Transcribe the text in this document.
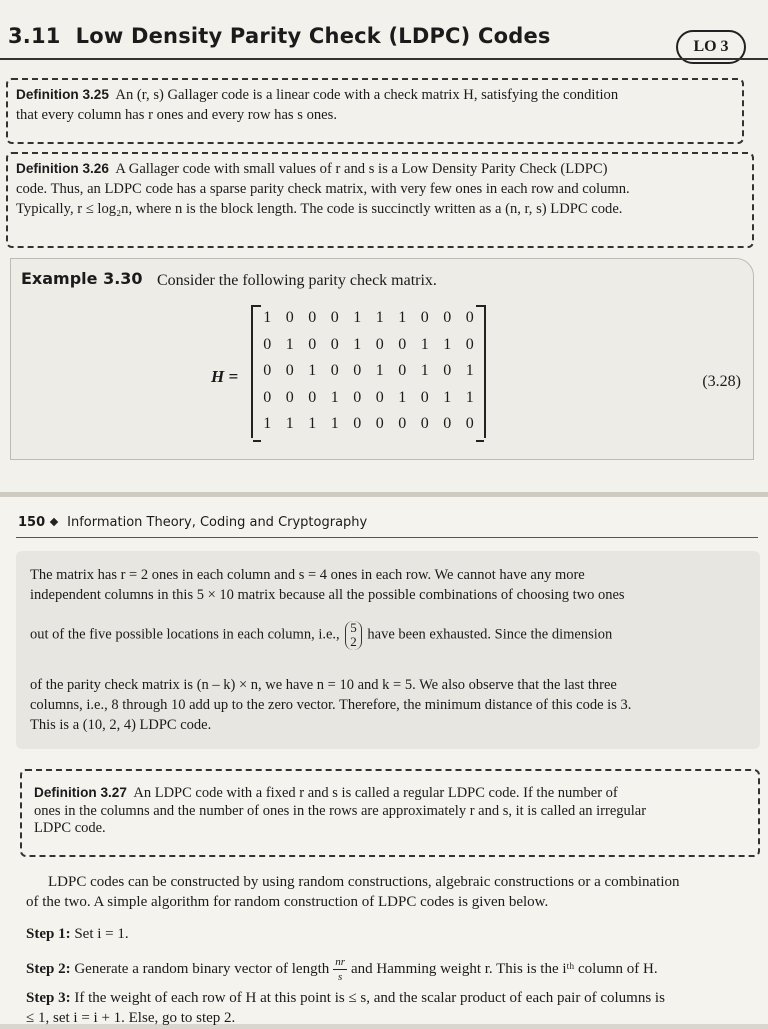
3.11 Low Density Parity Check (LDPC) Codes	LO 3
Definition 3.25 An (r, s) Gallager code is a linear code with a check matrix H, satisfying the condition
that every column has r ones and every row has s ones.
Definition 3.26 A Gallager code with small values of r and s is a Low Density Parity Check (LDPC)
code. Thus, an LDPC code has a sparse parity check matrix, with very few ones in each row and column.
Typically, r ≤ log₂n, where n is the block length. The code is succinctly written as a (n, r, s) LDPC code.
Example 3.30 Consider the following parity check matrix.
H =
1 0 0 0 1 1 1 0 0 0
0 1 0 0 1 0 0 1 1 0
0 0 1 0 0 1 0 1 0 1
0 0 0 1 0 0 1 0 1 1
1 1 1 1 0 0 0 0 0 0
(3.28)
150 Information Theory, Coding and Cryptography
The matrix has r = 2 ones in each column and s = 4 ones in each row. We cannot have any more
independent columns in this 5 × 10 matrix because all the possible combinations of choosing two ones
out of the five possible locations in each column, i.e., 5
2 have been exhausted. Since the dimension
of the parity check matrix is (n – k) × n, we have n = 10 and k = 5. We also observe that the last three
columns, i.e., 8 through 10 add up to the zero vector. Therefore, the minimum distance of this code is 3.
This is a (10, 2, 4) LDPC code.
Definition 3.27 An LDPC code with a fixed r and s is called a regular LDPC code. If the number of
ones in the columns and the number of ones in the rows are approximately r and s, it is called an irregular
LDPC code.
LDPC codes can be constructed by using random constructions, algebraic constructions or a combination
of the two. A simple algorithm for random construction of LDPC codes is given below.
Step 1: Set i = 1.
Step 2: Generate a random binary vector of length $\frac{nr}{s}$ and Hamming weight r. This is the iᵗʰ column of H.
Step 3: If the weight of each row of H at this point is ≤ s, and the scalar product of each pair of columns is
≤ 1, set i = i + 1. Else, go to step 2.
